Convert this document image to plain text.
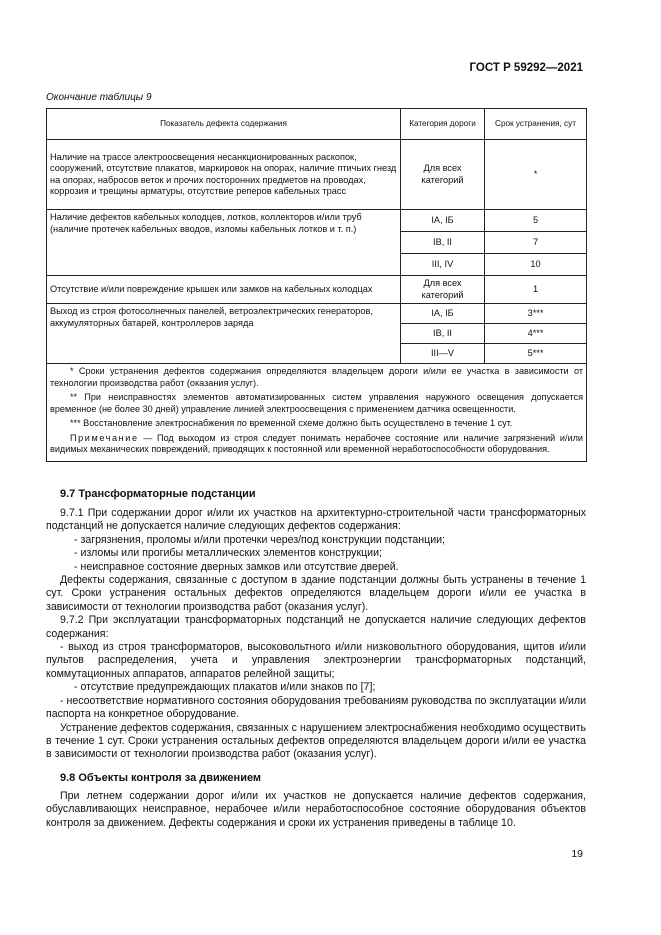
ГОСТ Р 59292—2021
Окончание таблицы 9
Показатель дефекта содержания	Категория дороги	Срок устранения, сут
Наличие на трассе электроосвещения несанкционированных раскопок, сооружений, отсутствие плакатов, маркировок на опорах, наличие птичьих гнезд на опорах, набросов веток и прочих посторонних предметов на проводах, коррозия и трещины арматуры, отсутствие реперов кабельных трасс	Для всех категорий	*
Наличие дефектов кабельных колодцев, лотков, коллекторов и/или труб (наличие протечек кабельных вводов, изломы кабельных лотков и т. п.)	IA, IБ	5
	IB, II	7
	III, IV	10
Отсутствие и/или повреждение крышек или замков на кабельных колодцах	Для всех категорий	1
Выход из строя фотосолнечных панелей, ветроэлектрических генераторов, аккумуляторных батарей, контроллеров заряда	IA, IБ	3***
	IB, II	4***
	III—V	5***

* Сроки устранения дефектов содержания определяются владельцем дороги и/или ее участка в зависимости от технологии производства работ (оказания услуг).

** При неисправностях элементов автоматизированных систем управления наружного освещения допускается временное (не более 30 дней) управление линией электроосвещения с применением датчика освещенности.

*** Восстановление электроснабжения по временной схеме должно быть осуществлено в течение 1 сут.

Примечание — Под выходом из строя следует понимать нерабочее состояние или наличие загрязнений и/или видимых механических повреждений, приводящих к постоянной или временной неработоспособности оборудования.		

9.7 Трансформаторные подстанции

9.7.1 При содержании дорог и/или их участков на архитектурно-строительной части трансформаторных подстанций не допускается наличие следующих дефектов содержания:

- загрязнения, проломы и/или протечки через/под конструкции подстанции;

- изломы или прогибы металлических элементов конструкции;

- неисправное состояние дверных замков или отсутствие дверей.

Дефекты содержания, связанные с доступом в здание подстанции должны быть устранены в течение 1 сут. Сроки устранения остальных дефектов определяются владельцем дороги и/или ее участка в зависимости от технологии производства работ (оказания услуг).

9.7.2 При эксплуатации трансформаторных подстанций не допускается наличие следующих дефектов содержания:

- выход из строя трансформаторов, высоковольтного и/или низковольтного оборудования, щитов и/или пультов распределения, учета и управления электроэнергии трансформаторных подстанций, коммутационных аппаратов, аппаратов релейной защиты;

- отсутствие предупреждающих плакатов и/или знаков по [7];

- несоответствие нормативного состояния оборудования требованиям руководства по эксплуатации и/или паспорта на конкретное оборудование.

Устранение дефектов содержания, связанных с нарушением электроснабжения необходимо осуществить в течение 1 сут. Сроки устранения остальных дефектов определяются владельцем дороги и/или ее участка в зависимости от технологии производства работ (оказания услуг).

9.8 Объекты контроля за движением

При летнем содержании дорог и/или их участков не допускается наличие дефектов содержания, обуславливающих неисправное, нерабочее и/или неработоспособное состояние оборудования объектов контроля за движением. Дефекты содержания и сроки их устранения приведены в таблице 10.

19
